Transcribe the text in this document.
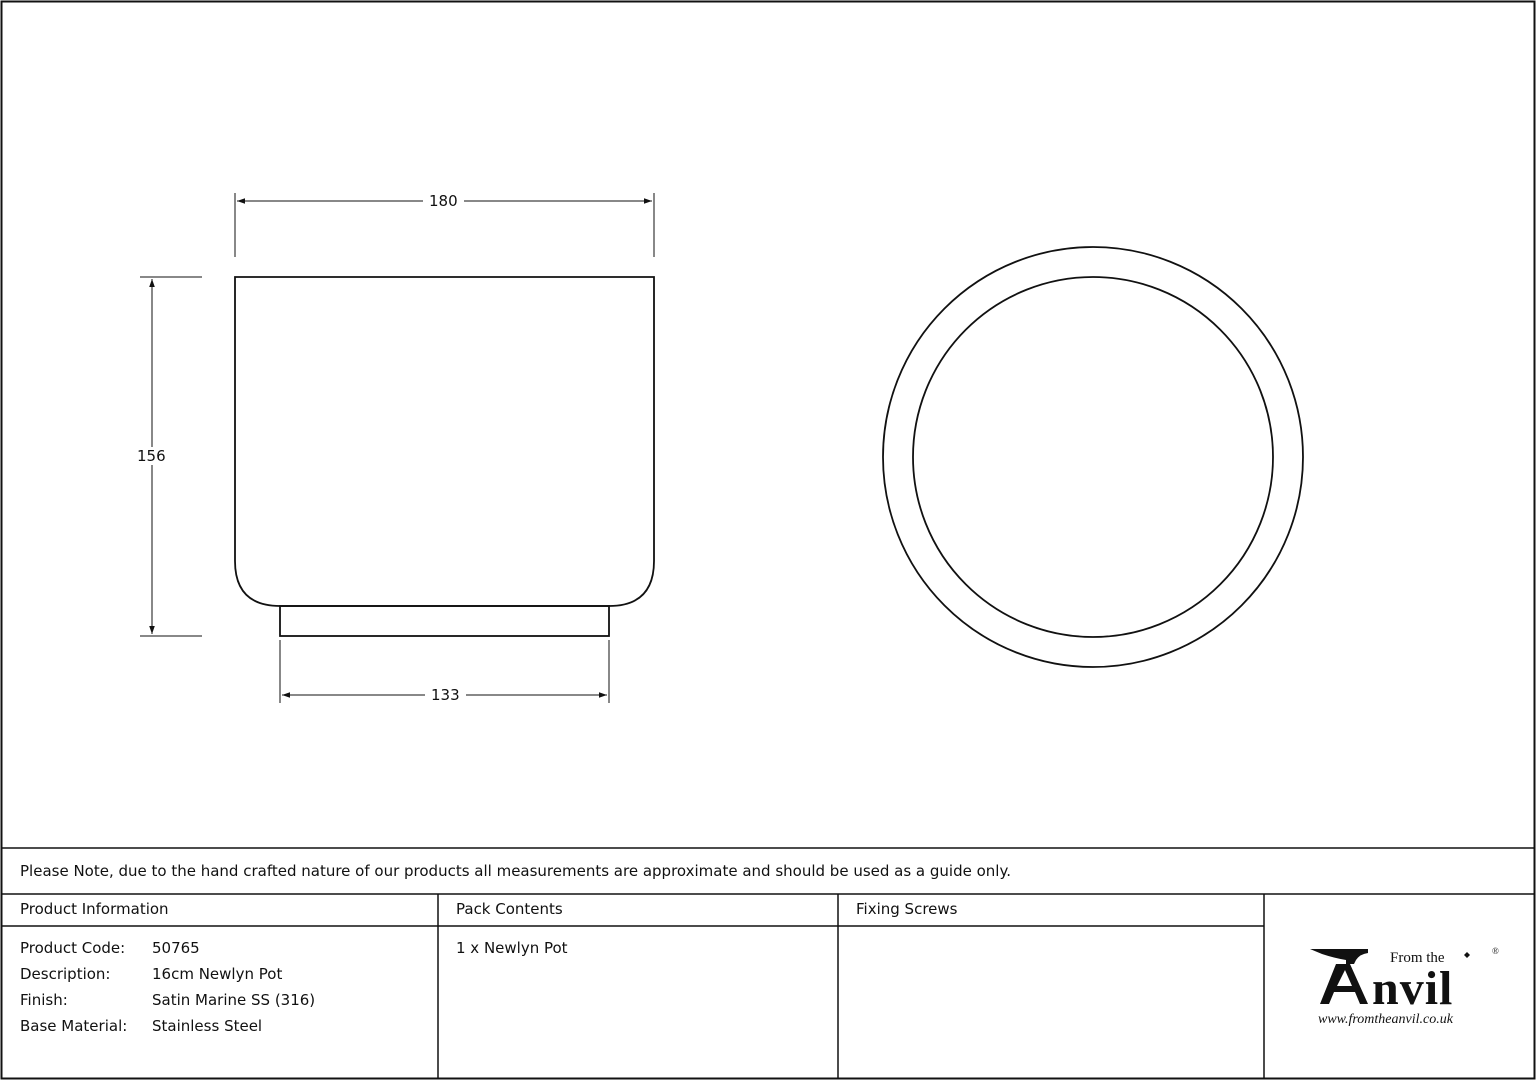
180
156
133
Please Note, due to the hand crafted nature of our products all measurements are approximate and should be used as a guide only.
Product Information	Pack Contents	Fixing Screws
Product Code: 50765
Description:	16cm Newlyn Pot
Finish:	Satin Marine SS (316)
Base Material: Stainless Steel
1 x Newlyn Pot
From the
nvil
®
www.fromtheanvil.co.uk
